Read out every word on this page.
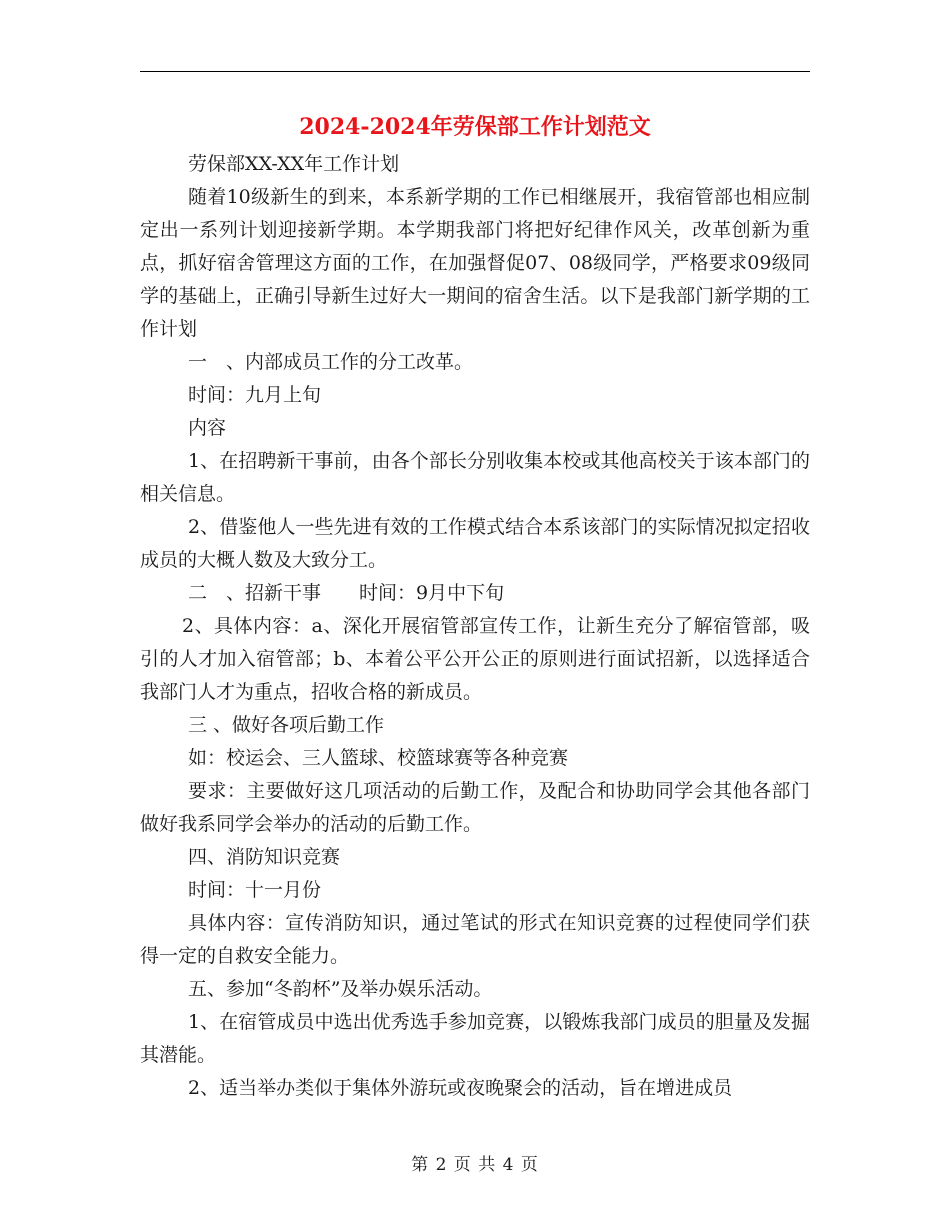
2024-2024年劳保部工作计划范文

劳保部XX-XX年工作计划

随着10级新生的到来，本系新学期的工作已相继展开，我宿管部也相应制定出一系列计划迎接新学期。本学期我部门将把好纪律作风关，改革创新为重点，抓好宿舍管理这方面的工作，在加强督促07、08级同学，严格要求09级同学的基础上，正确引导新生过好大一期间的宿舍生活。以下是我部门新学期的工作计划

一　、内部成员工作的分工改革。

时间：九月上旬

内容

1、在招聘新干事前，由各个部长分别收集本校或其他高校关于该本部门的相关信息。

2、借鉴他人一些先进有效的工作模式结合本系该部门的实际情况拟定招收成员的大概人数及大致分工。

二　、招新干事　　时间：9月中下旬

2、具体内容：a、深化开展宿管部宣传工作，让新生充分了解宿管部，吸引的人才加入宿管部；b、本着公平公开公正的原则进行面试招新，以选择适合我部门人才为重点，招收合格的新成员。

三 、做好各项后勤工作

如：校运会、三人篮球、校篮球赛等各种竞赛

要求：主要做好这几项活动的后勤工作，及配合和协助同学会其他各部门做好我系同学会举办的活动的后勤工作。

四、消防知识竞赛

时间：十一月份

具体内容：宣传消防知识，通过笔试的形式在知识竞赛的过程使同学们获得一定的自救安全能力。

五、参加“冬韵杯”及举办娱乐活动。

1、在宿管成员中选出优秀选手参加竞赛，以锻炼我部门成员的胆量及发掘其潜能。

2、适当举办类似于集体外游玩或夜晚聚会的活动，旨在增进成员

第 2 页 共 4 页
